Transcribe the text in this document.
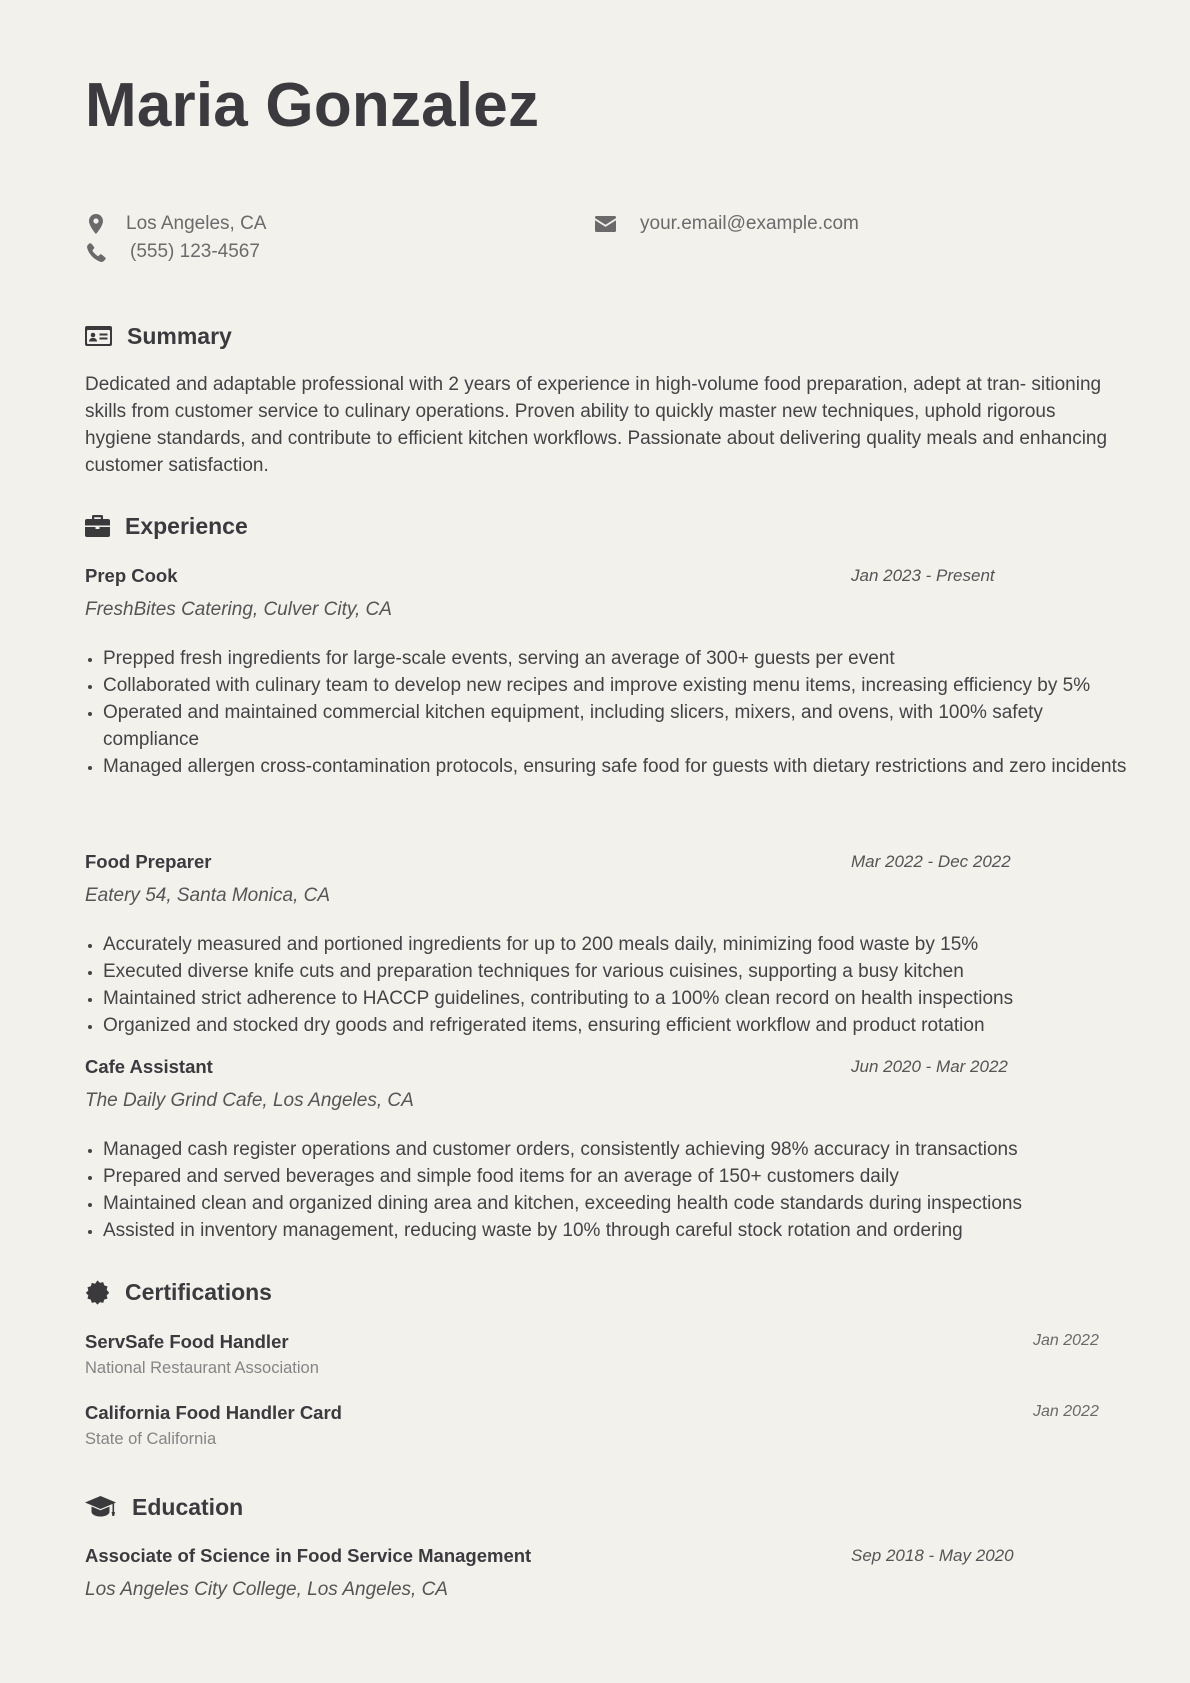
Maria Gonzalez
Los Angeles, CA
(555) 123-4567
your.email@example.com
Summary

Dedicated and adaptable professional with 2 years of experience in high-volume food preparation, adept at tran- sitioning skills from customer service to culinary operations. Proven ability to quickly master new techniques, uphold rigorous hygiene standards, and contribute to efficient kitchen workflows. Passionate about delivering quality meals and enhancing customer satisfaction.

Experience
Prep Cook	Jan 2023 - Present
FreshBites Catering, Culver City, CA
• Prepped fresh ingredients for large-scale events, serving an average of 300+ guests per event
• Collaborated with culinary team to develop new recipes and improve existing menu items, increasing efficiency by 5%
• Operated and maintained commercial kitchen equipment, including slicers, mixers, and ovens, with 100% safety compliance
• Managed allergen cross-contamination protocols, ensuring safe food for guests with dietary restrictions and zero incidents
Food Preparer	Mar 2022 - Dec 2022
Eatery 54, Santa Monica, CA
• Accurately measured and portioned ingredients for up to 200 meals daily, minimizing food waste by 15%
• Executed diverse knife cuts and preparation techniques for various cuisines, supporting a busy kitchen
• Maintained strict adherence to HACCP guidelines, contributing to a 100% clean record on health inspections
• Organized and stocked dry goods and refrigerated items, ensuring efficient workflow and product rotation
Cafe Assistant	Jun 2020 - Mar 2022
The Daily Grind Cafe, Los Angeles, CA
• Managed cash register operations and customer orders, consistently achieving 98% accuracy in transactions
• Prepared and served beverages and simple food items for an average of 150+ customers daily
• Maintained clean and organized dining area and kitchen, exceeding health code standards during inspections
• Assisted in inventory management, reducing waste by 10% through careful stock rotation and ordering
Certifications
ServSafe Food Handler
National Restaurant Association
Jan 2022
California Food Handler Card
State of California
Jan 2022
Education
Associate of Science in Food Service Management	Sep 2018 - May 2020
Los Angeles City College, Los Angeles, CA
